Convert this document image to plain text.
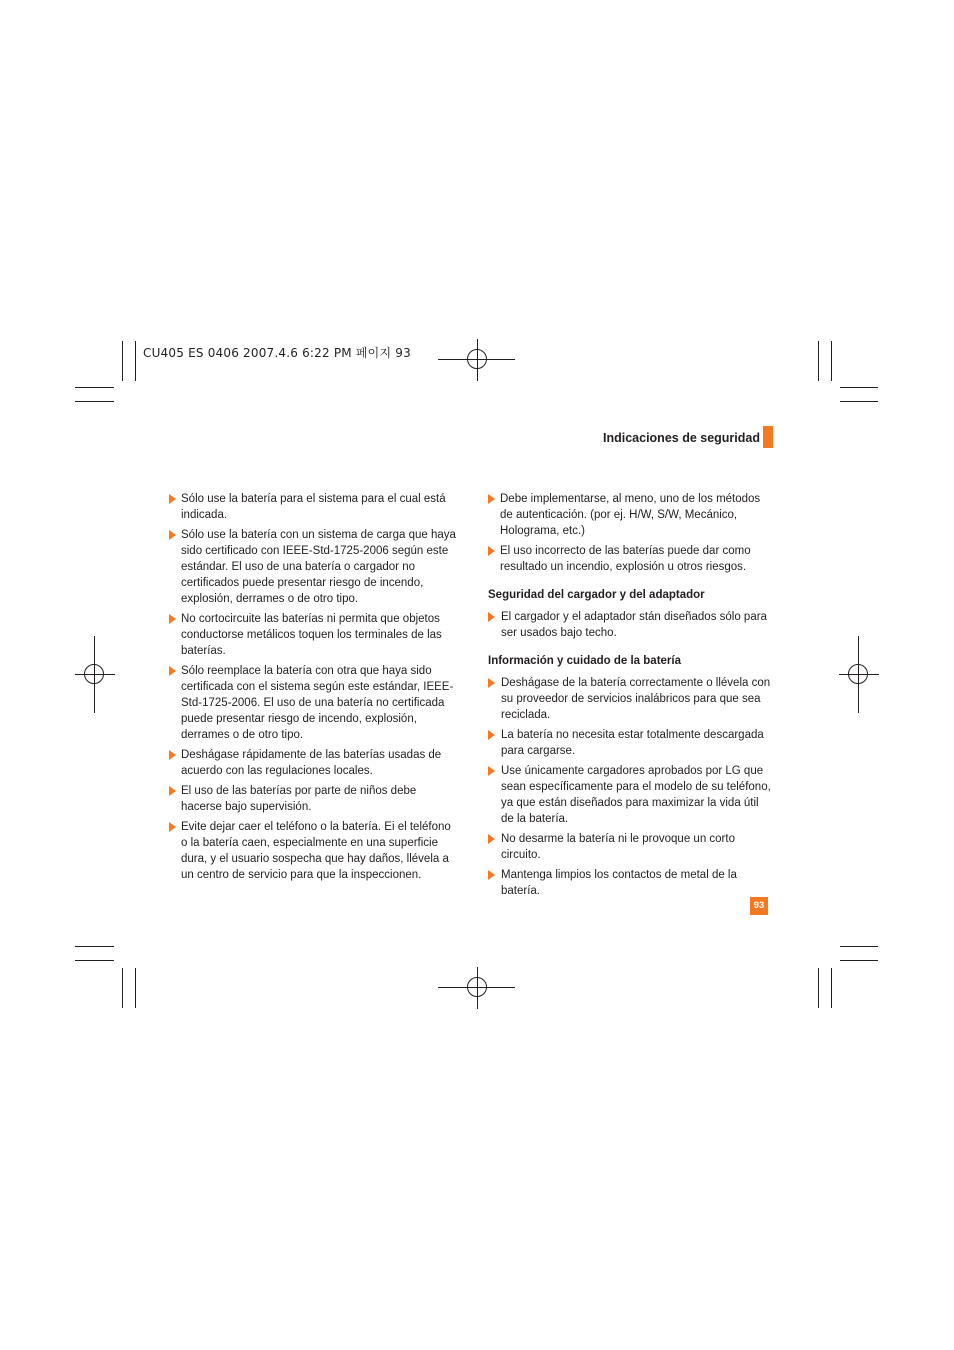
CU405 ES 0406 2007.4.6 6:22 PM 페이지 93
Indicaciones de seguridad
Sólo use la batería para el sistema para el cual está indicada.
Sólo use la batería con un sistema de carga que haya sido certificado con IEEE-Std-1725-2006 según este estándar. El uso de una batería o cargador no certificados puede presentar riesgo de incendo, explosión, derrames o de otro tipo.
No cortocircuite las baterías ni permita que objetos conductorse metálicos toquen los terminales de las baterías.
Sólo reemplace la batería con otra que haya sido certificada con el sistema según este estándar, IEEE-Std-1725-2006. El uso de una batería no certificada puede presentar riesgo de incendo, explosión, derrames o de otro tipo.
Deshágase rápidamente de las baterías usadas de acuerdo con las regulaciones locales.
El uso de las baterías por parte de niños debe hacerse bajo supervisión.
Evite dejar caer el teléfono o la batería. Ei el teléfono o la batería caen, especialmente en una superficie dura, y el usuario sospecha que hay daños, llévela a un centro de servicio para que la inspeccionen.
Debe implementarse, al meno, uno de los métodos de autenticación. (por ej. H/W, S/W, Mecánico, Holograma, etc.)
El uso incorrecto de las baterías puede dar como resultado un incendio, explosión u otros riesgos.
Seguridad del cargador y del adaptador
El cargador y el adaptador stán diseñados sólo para ser usados bajo techo.
Información y cuidado de la batería
Deshágase de la batería correctamente o llévela con su proveedor de servicios inalábricos para que sea reciclada.
La batería no necesita estar totalmente descargada para cargarse.
Use únicamente cargadores aprobados por LG que sean específicamente para el modelo de su teléfono, ya que están diseñados para maximizar la vida útil de la batería.
No desarme la batería ni le provoque un corto circuito.
Mantenga limpios los contactos de metal de la batería.
93
